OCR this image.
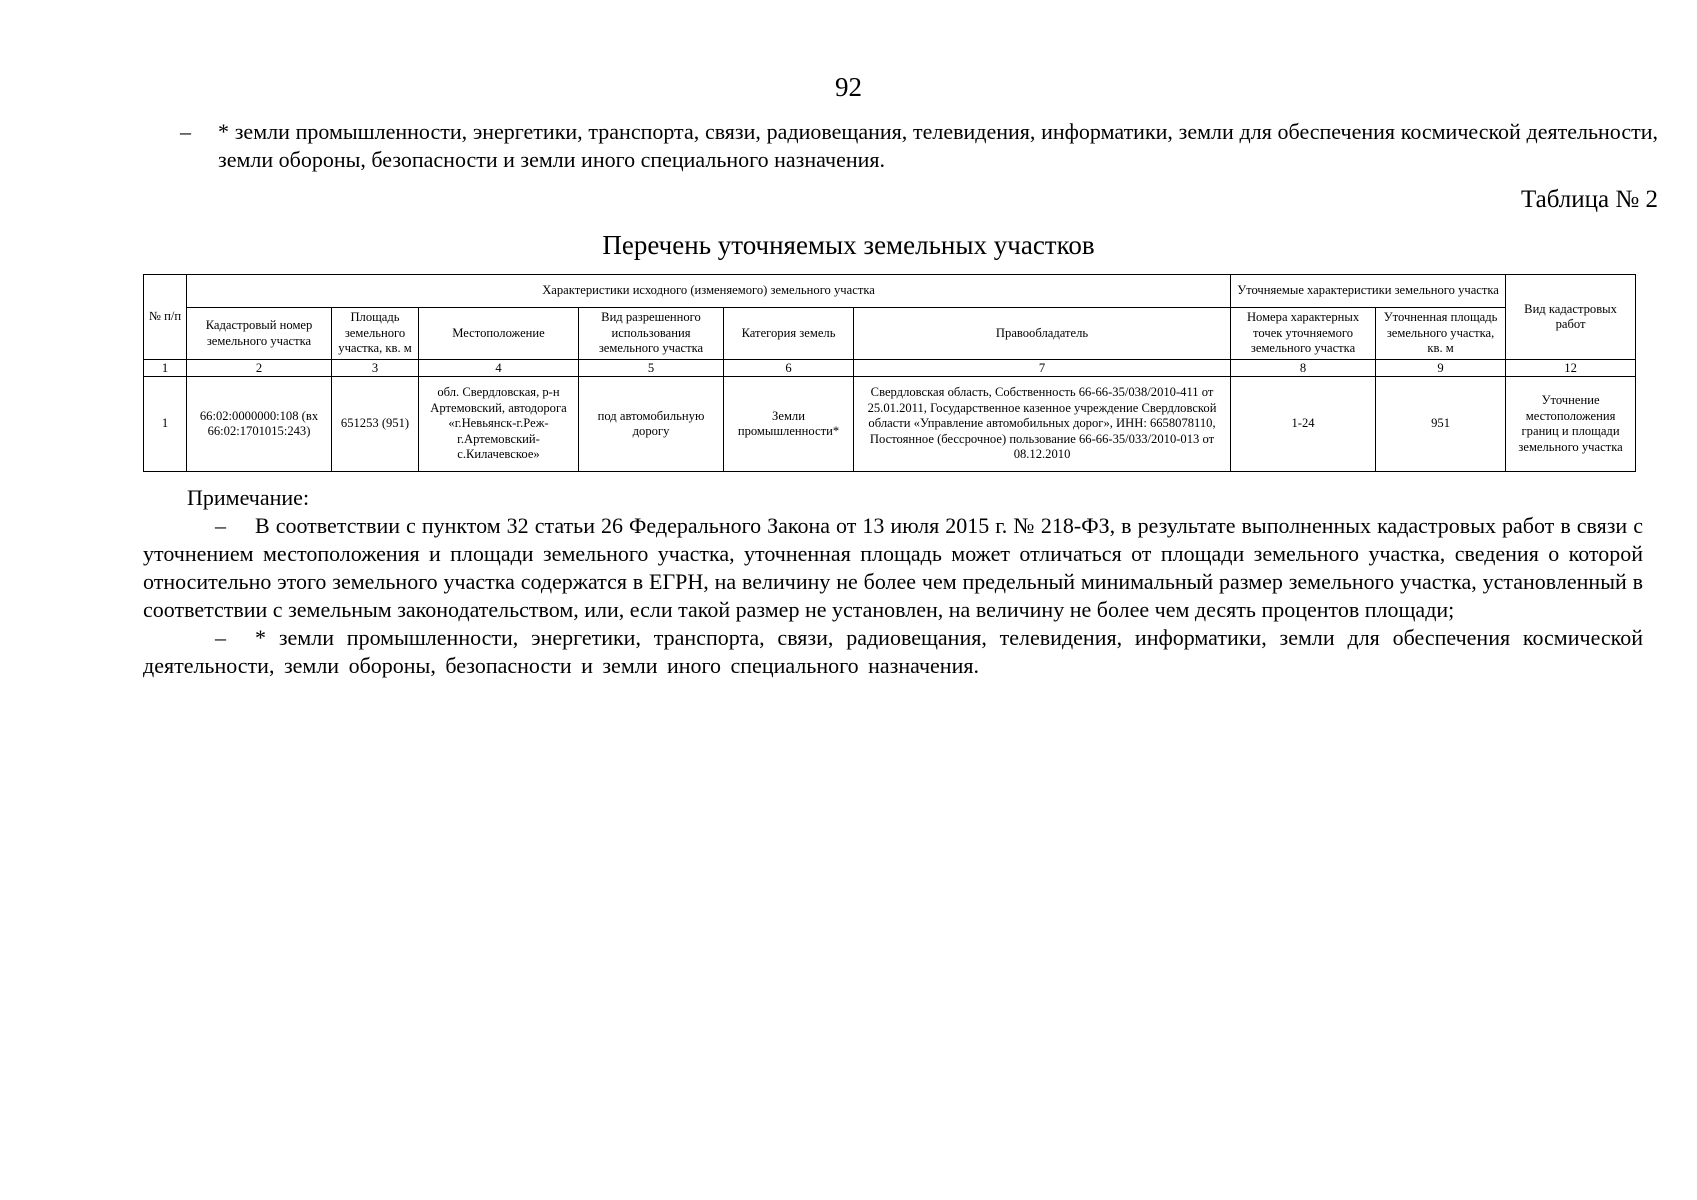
92
– * земли промышленности, энергетики, транспорта, связи, радиовещания, телевидения, информатики, земли для обеспечения космической деятельности, земли обороны, безопасности и земли иного специального назначения.
Таблица № 2
Перечень уточняемых земельных участков
№ п/п	Характеристики исходного (изменяемого) земельного участка						Уточняемые характеристики земельного участка		Вид кадастровых работ
	Кадастровый номер земельного участка	Площадь земельного участка, кв. м	Местоположение	Вид разрешенного использования земельного участка	Категория земель	Правообладатель	Номера характерных точек уточняемого земельного участка	Уточненная площадь земельного участка, кв. м	
1	2	3	4	5	6	7	8	9	12
1	66:02:0000000:108 (вх 66:02:1701015:243)	651253 (951)	обл. Свердловская, р-н Артемовский, автодорога «г.Невьянск-г.Реж-г.Артемовский-с.Килачевское»	под автомобильную дорогу	Земли промышленности*	Свердловская область, Собственность 66-66-35/038/2010-411 от 25.01.2011, Государственное казенное учреждение Свердловской области «Управление автомобильных дорог», ИНН: 6658078110, Постоянное (бессрочное) пользование 66-66-35/033/2010-013 от 08.12.2010	1-24	951	Уточнение местоположения границ и площади земельного участка
Примечание:
– В соответствии с пунктом 32 статьи 26 Федерального Закона от 13 июля 2015 г. № 218-ФЗ, в результате выполненных кадастровых работ в связи с уточнением местоположения и площади земельного участка, уточненная площадь может отличаться от площади земельного участка, сведения о которой относительно этого земельного участка содержатся в ЕГРН, на величину не более чем предельный минимальный размер земельного участка, установленный в соответствии с земельным законодательством, или, если такой размер не установлен, на величину не более чем десять процентов площади;
– * земли промышленности, энергетики, транспорта, связи, радиовещания, телевидения, информатики, земли для обеспечения космической деятельности, земли обороны, безопасности и земли иного специального назначения.
